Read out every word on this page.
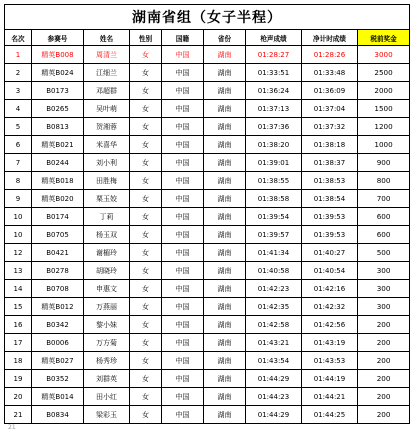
湖南省组（女子半程）								
名次	参赛号	姓名	性别	国籍	省份	枪声成绩	净计时成绩	税前奖金
1	精英B008	周清兰	女	中国	湖南	01:28:27	01:28:26	3000
2	精英B024	江细兰	女	中国	湖南	01:33:51	01:33:48	2500
3	B0173	邓超群	女	中国	湖南	01:36:24	01:36:09	2000
4	B0265	吴叶萌	女	中国	湖南	01:37:13	01:37:04	1500
5	B0813	贺湘蓉	女	中国	湖南	01:37:36	01:37:32	1200
6	精英B021	米喜华	女	中国	湖南	01:38:20	01:38:18	1000
7	B0244	刘小利	女	中国	湖南	01:39:01	01:38:37	900
8	精英B018	田胜梅	女	中国	湖南	01:38:55	01:38:53	800
9	精英B020	栗玉姣	女	中国	湖南	01:38:58	01:38:54	700
10	B0174	丁莉	女	中国	湖南	01:39:54	01:39:53	600
10	B0705	杨玉双	女	中国	湖南	01:39:57	01:39:53	600
12	B0421	谢楣玲	女	中国	湖南	01:41:34	01:40:27	500
13	B0278	胡晓玲	女	中国	湖南	01:40:58	01:40:54	300
14	B0708	申惠文	女	中国	湖南	01:42:23	01:42:16	300
15	精英B012	万燕丽	女	中国	湖南	01:42:35	01:42:32	300
16	B0342	黎小妹	女	中国	湖南	01:42:58	01:42:56	200
17	B0006	万方菊	女	中国	湖南	01:43:21	01:43:19	200
18	精英B027	杨秀珍	女	中国	湖南	01:43:54	01:43:53	200
19	B0352	刘群英	女	中国	湖南	01:44:29	01:44:19	200
20	精英B014	田小红	女	中国	湖南	01:44:23	01:44:21	200
21	B0834	梁彩玉	女	中国	湖南	01:44:29	01:44:25	200
21
